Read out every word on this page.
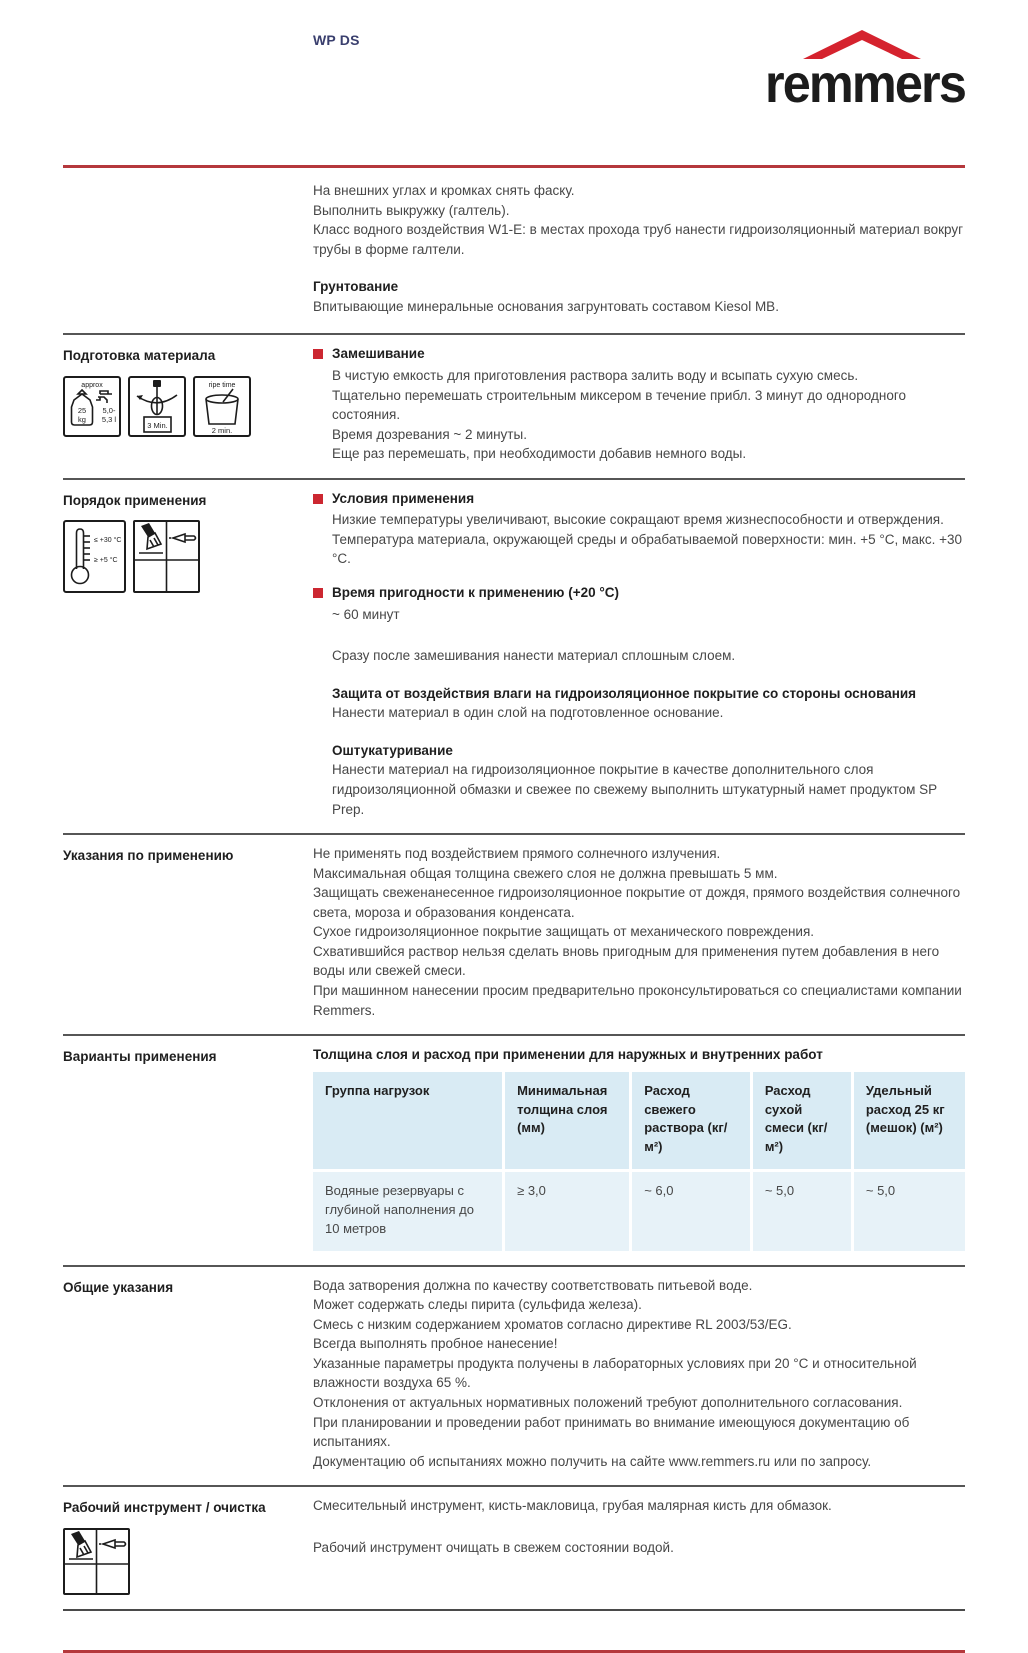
WP DS
remmers
На внешних углах и кромках снять фаску.
Выполнить выкружку (галтель).
Класс водного воздействия W1-E: в местах прохода труб нанести гидроизоляционный материал вокруг трубы в форме галтели.
Грунтование
Впитывающие минеральные основания загрунтовать составом Kiesol MB.
Подготовка материала
approx
25
kg
5,0-
5,3 l
3 Min.
ripe time
2 min.
Замешивание
В чистую емкость для приготовления раствора залить воду и всыпать сухую смесь.
Тщательно перемешать строительным миксером в течение прибл. 3 минут до однородного состояния.
Время дозревания ~ 2 минуты.
Еще раз перемешать, при необходимости добавив немного воды.
Порядок применения
≤ +30 °C
≥ +5 °C
Условия применения
Низкие температуры увеличивают, высокие сокращают время жизнеспособности и отверждения.
Температура материала, окружающей среды и обрабатываемой поверхности: мин. +5 °C, макс. +30 °C.
Время пригодности к применению (+20 °C)
~ 60 минут
Сразу после замешивания нанести материал сплошным слоем.
Защита от воздействия влаги на гидроизоляционное покрытие со стороны основания
Нанести материал в один слой на подготовленное основание.
Оштукатуривание
Нанести материал на гидроизоляционное покрытие в качестве дополнительного слоя гидроизоляционной обмазки и свежее по свежему выполнить штукатурный намет продуктом SP Prep.
Указания по применению	Не применять под воздействием прямого солнечного излучения.
Максимальная общая толщина свежего слоя не должна превышать 5 мм.
Защищать свеженанесенное гидроизоляционное покрытие от дождя, прямого воздействия солнечного света, мороза и образования конденсата.
Сухое гидроизоляционное покрытие защищать от механического повреждения.
Схватившийся раствор нельзя сделать вновь пригодным для применения путем добавления в него воды или свежей смеси.
При машинном нанесении просим предварительно проконсультироваться со специалистами компании Remmers.
Варианты применения	Толщина слоя и расход при применении для наружных и внутренних работ
Группа нагрузок	Минимальная толщина слоя (мм)	Расход свежего раствора (кг/м²)	Расход сухой смеси (кг/м²)	Удельный расход 25 кг (мешок) (м²)
Водяные резервуары с глубиной наполнения до 10 метров	≥ 3,0	~ 6,0	~ 5,0	~ 5,0
Общие указания	Вода затворения должна по качеству соответствовать питьевой воде.
Может содержать следы пирита (сульфида железа).
Смесь с низким содержанием хроматов согласно директиве RL 2003/53/EG.
Всегда выполнять пробное нанесение!
Указанные параметры продукта получены в лабораторных условиях при 20 °C и относительной влажности воздуха 65 %.
Отклонения от актуальных нормативных положений требуют дополнительного согласования.
При планировании и проведении работ принимать во внимание имеющуюся документацию об испытаниях.
Документацию об испытаниях можно получить на сайте www.remmers.ru или по запросу.
Рабочий инструмент / очистка	Смесительный инструмент, кисть-макловица, грубая малярная кисть для обмазок.
Рабочий инструмент очищать в свежем состоянии водой.
